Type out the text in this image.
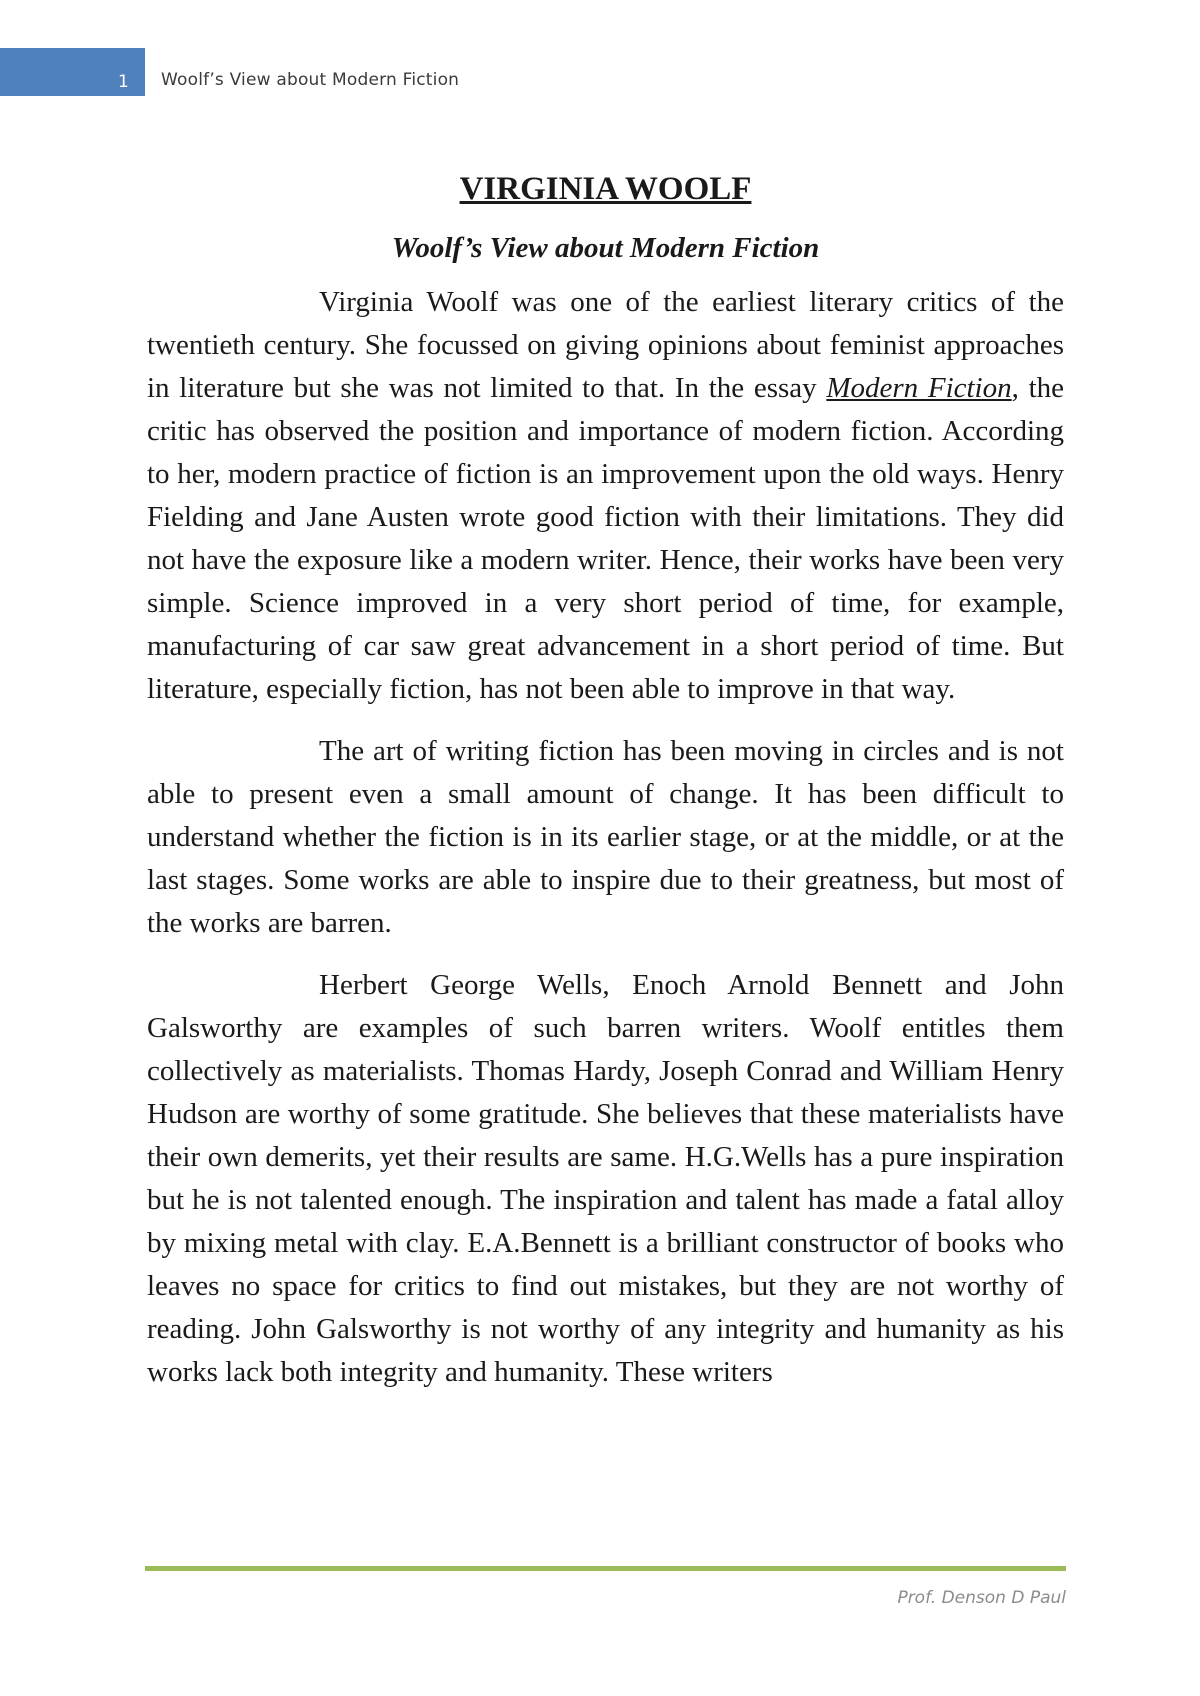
1 Woolf’s View about Modern Fiction
VIRGINIA WOOLF
Woolf’s View about Modern Fiction

Virginia Woolf was one of the earliest literary critics of the twentieth century. She focussed on giving opinions about feminist approaches in literature but she was not limited to that. In the essay Modern Fiction, the critic has observed the position and importance of modern fiction. According to her, modern practice of fiction is an improvement upon the old ways. Henry Fielding and Jane Austen wrote good fiction with their limitations. They did not have the exposure like a modern writer. Hence, their works have been very simple. Science improved in a very short period of time, for example, manufacturing of car saw great advancement in a short period of time. But literature, especially fiction, has not been able to improve in that way.

The art of writing fiction has been moving in circles and is not able to present even a small amount of change. It has been difficult to understand whether the fiction is in its earlier stage, or at the middle, or at the last stages. Some works are able to inspire due to their greatness, but most of the works are barren.

Herbert George Wells, Enoch Arnold Bennett and John Galsworthy are examples of such barren writers. Woolf entitles them collectively as materialists. Thomas Hardy, Joseph Conrad and William Henry Hudson are worthy of some gratitude. She believes that these materialists have their own demerits, yet their results are same. H.G.Wells has a pure inspiration but he is not talented enough. The inspiration and talent has made a fatal alloy by mixing metal with clay. E.A.Bennett is a brilliant constructor of books who leaves no space for critics to find out mistakes, but they are not worthy of reading. John Galsworthy is not worthy of any integrity and humanity as his works lack both integrity and humanity. These writers

Prof. Denson D Paul
